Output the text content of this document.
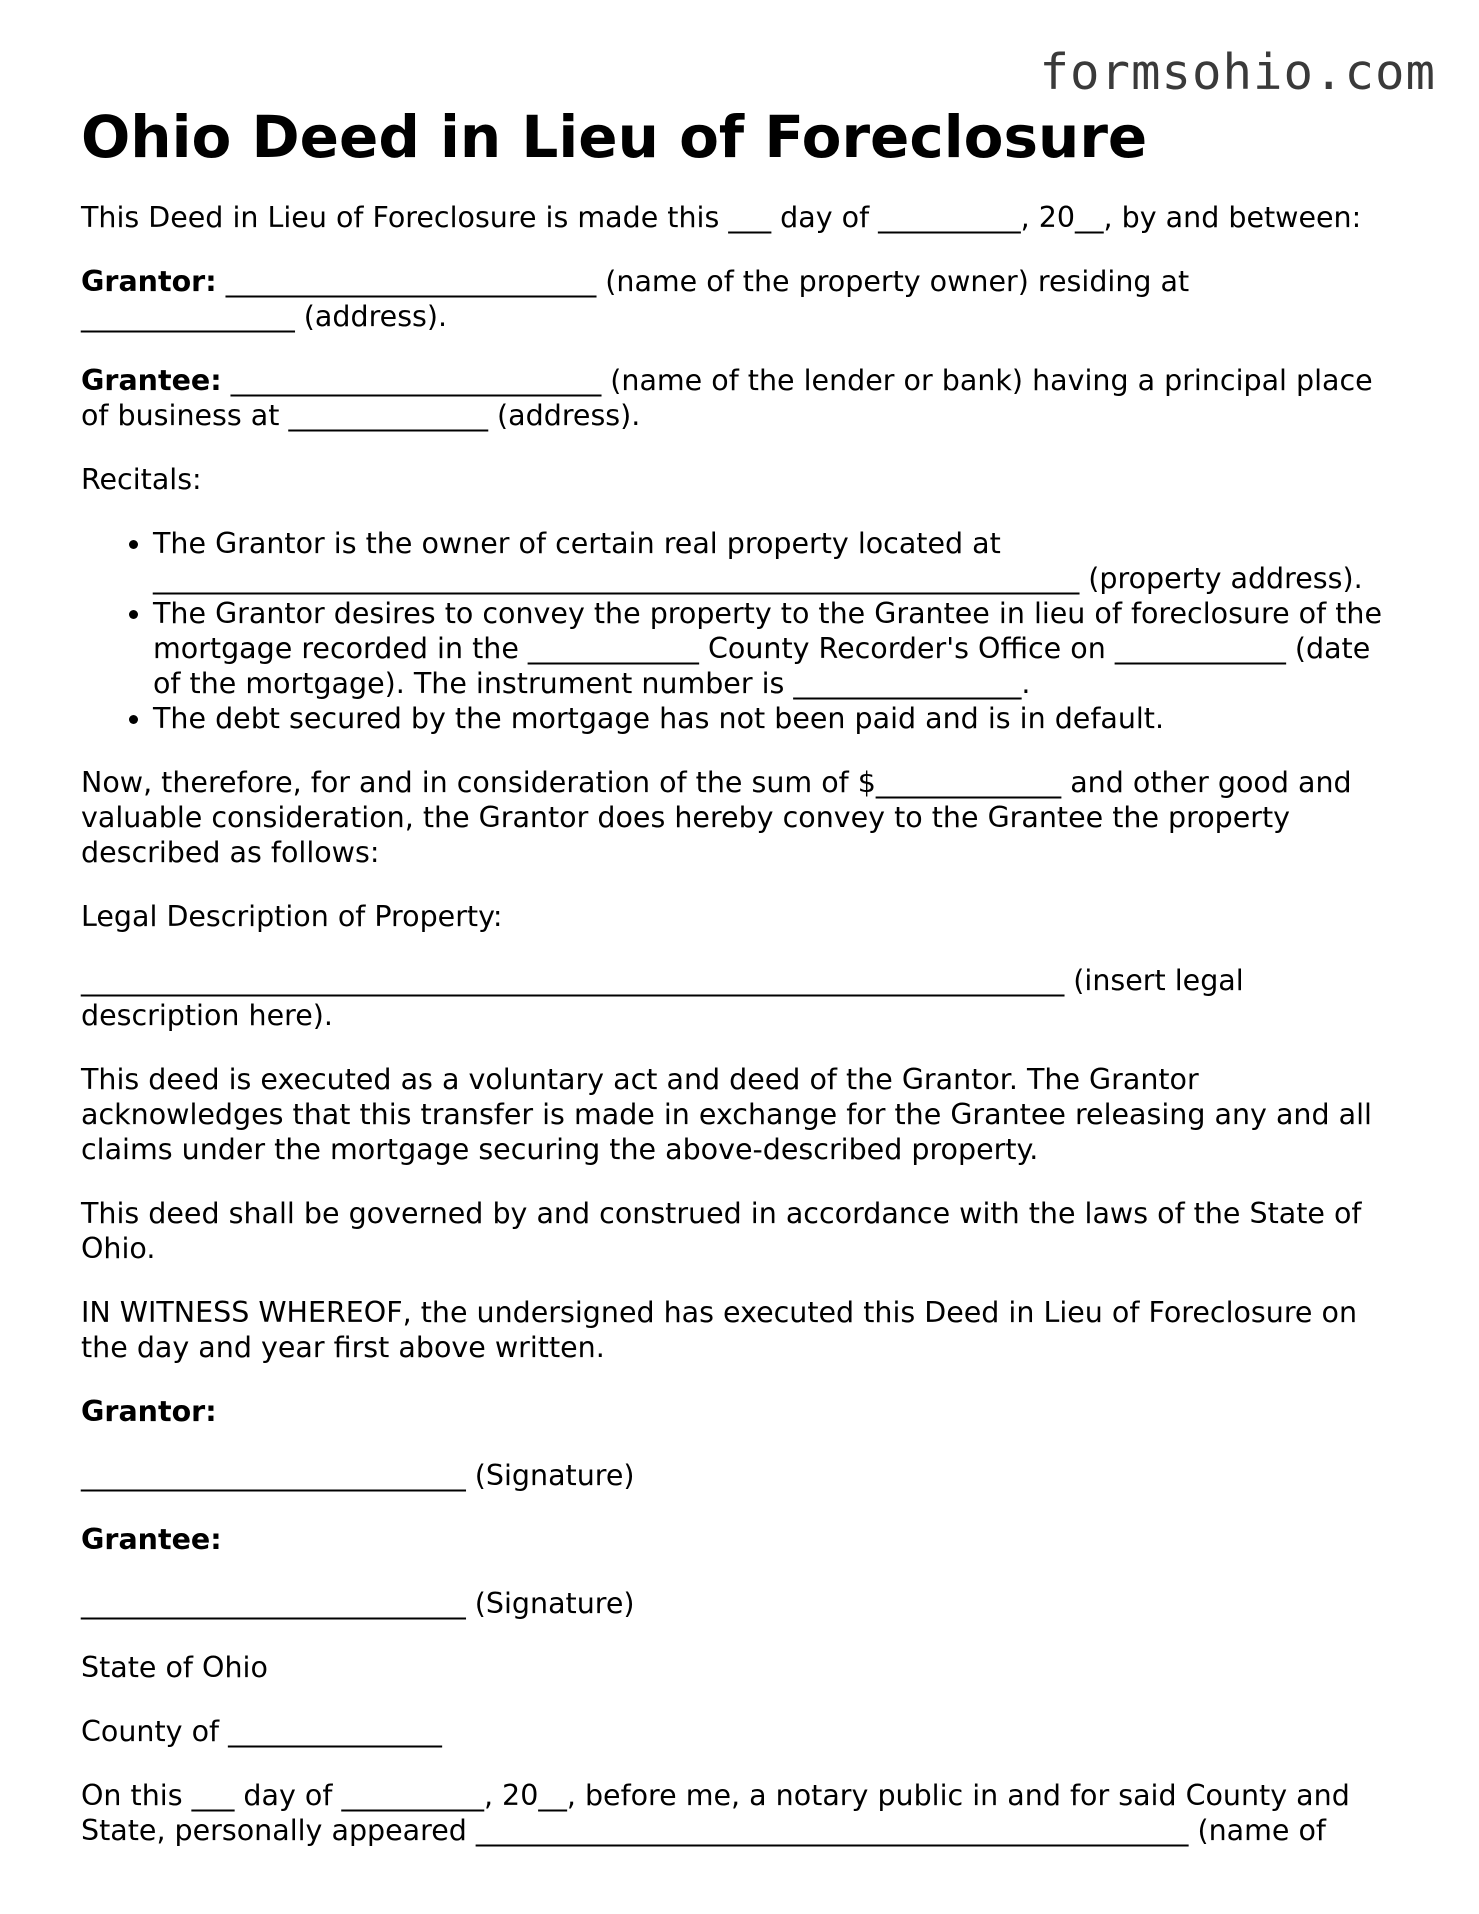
formsohio.com
Ohio Deed in Lieu of Foreclosure

This Deed in Lieu of Foreclosure is made this ___ day of __________, 20__, by and between:

Grantor: __________________________ (name of the property owner) residing at _______________ (address).

Grantee: __________________________ (name of the lender or bank) having a principal place of business at ______________ (address).

Recitals:

• The Grantor is the owner of certain real property located at _________________________________________________________________ (property address).
• The Grantor desires to convey the property to the Grantee in lieu of foreclosure of the mortgage recorded in the ____________ County Recorder's Office on ____________ (date of the mortgage). The instrument number is ________________.
• The debt secured by the mortgage has not been paid and is in default.

Now, therefore, for and in consideration of the sum of $_____________ and other good and valuable consideration, the Grantor does hereby convey to the Grantee the property described as follows:

Legal Description of Property:

_____________________________________________________________________ (insert legal description here).

This deed is executed as a voluntary act and deed of the Grantor. The Grantor acknowledges that this transfer is made in exchange for the Grantee releasing any and all claims under the mortgage securing the above-described property.

This deed shall be governed by and construed in accordance with the laws of the State of Ohio.

IN WITNESS WHEREOF, the undersigned has executed this Deed in Lieu of Foreclosure on the day and year first above written.

Grantor:

___________________________ (Signature)

Grantee:

___________________________ (Signature)

State of Ohio

County of _______________

On this ___ day of __________, 20__, before me, a notary public in and for said County and State, personally appeared __________________________________________________ (name of
